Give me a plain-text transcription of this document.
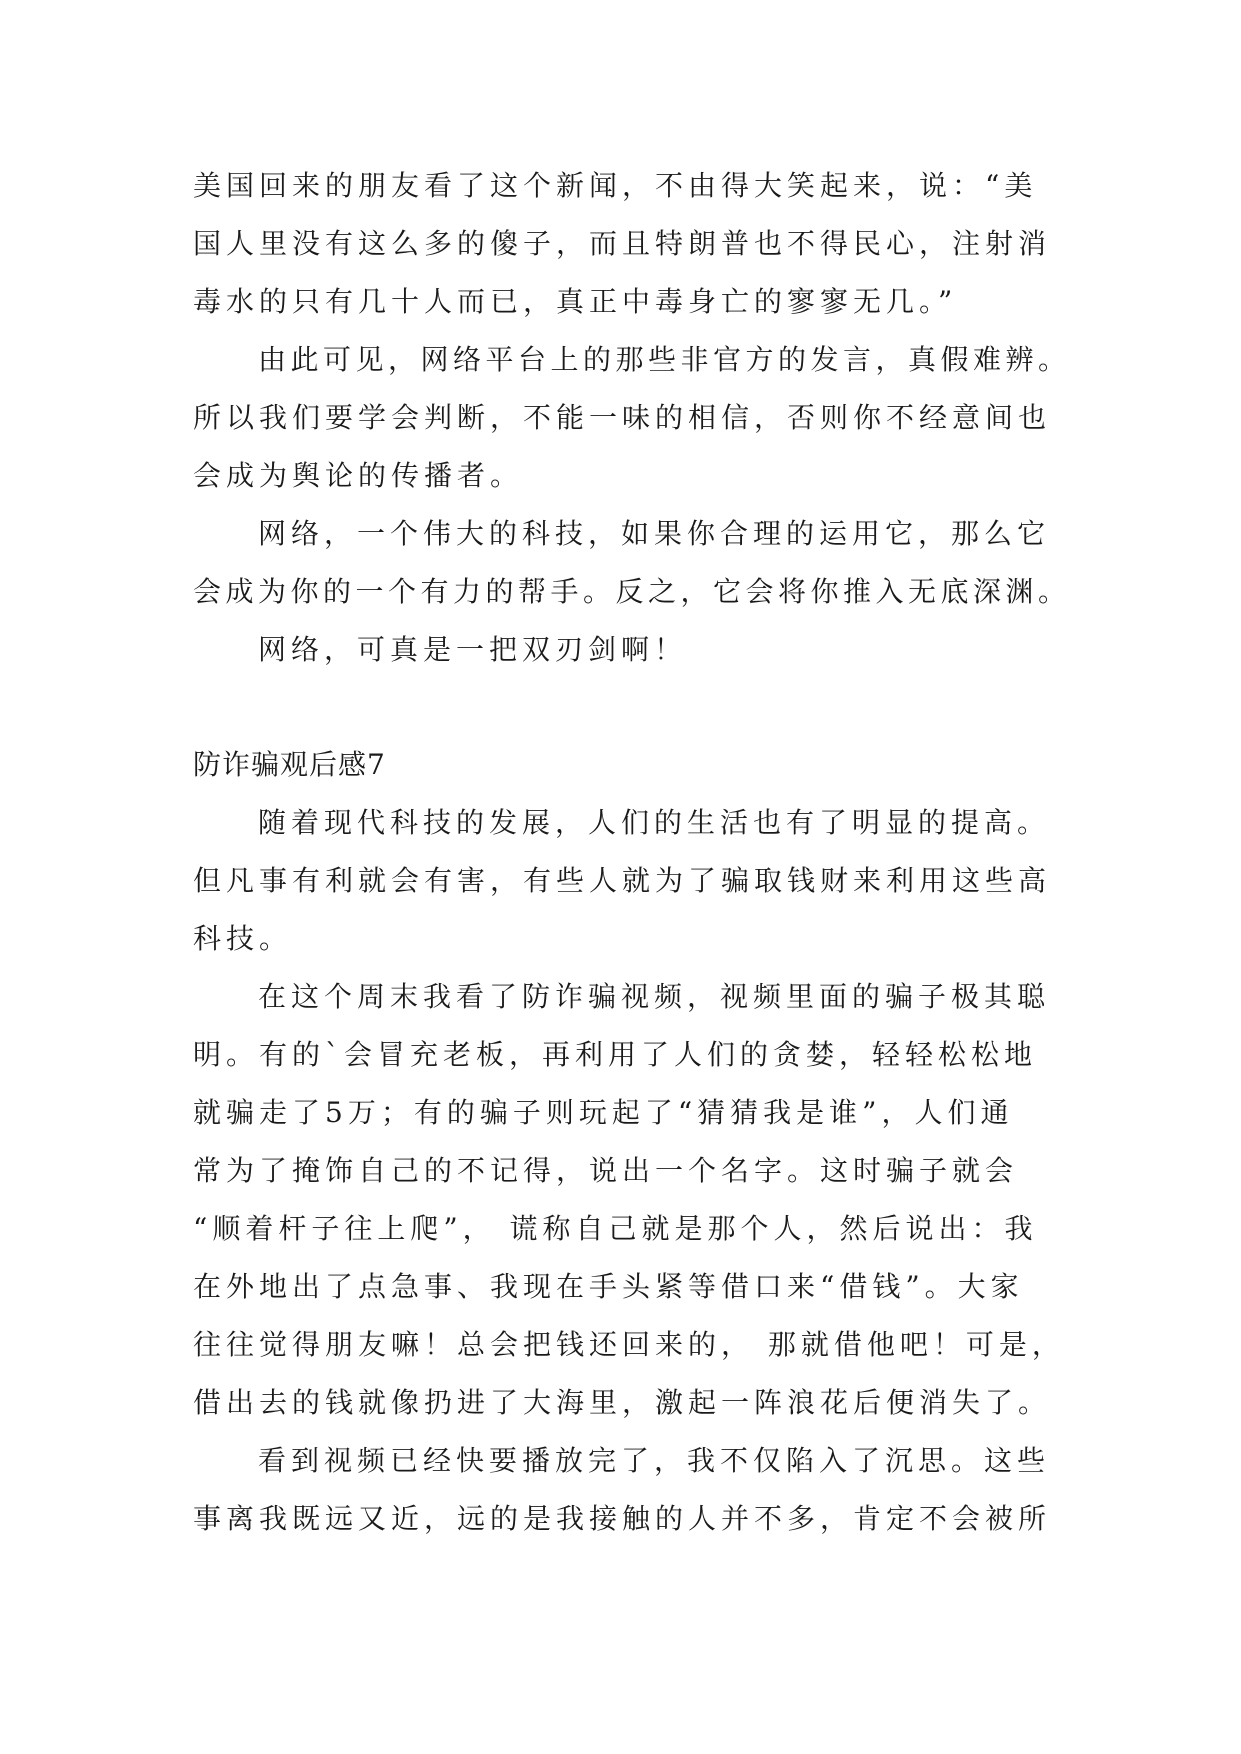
美国回来的朋友看了这个新闻，不由得大笑起来，说：“美
国人里没有这么多的傻子，而且特朗普也不得民心，注射消
毒水的只有几十人而已，真正中毒身亡的寥寥无几。”
由此可见，网络平台上的那些非官方的发言，真假难辨。
所以我们要学会判断，不能一味的相信，否则你不经意间也
会成为舆论的传播者。
网络，一个伟大的科技，如果你合理的运用它，那么它
会成为你的一个有力的帮手。反之，它会将你推入无底深渊。
网络，可真是一把双刃剑啊！
防诈骗观后感7
随着现代科技的发展，人们的生活也有了明显的提高。
但凡事有利就会有害，有些人就为了骗取钱财来利用这些高
科技。
在这个周末我看了防诈骗视频，视频里面的骗子极其聪
明。有的`会冒充老板，再利用了人们的贪婪，轻轻松松地
就骗走了5万；有的骗子则玩起了“猜猜我是谁”，人们通
常为了掩饰自己的不记得，说出一个名字。这时骗子就会
“顺着杆子往上爬”， 谎称自己就是那个人，然后说出：我
在外地出了点急事、我现在手头紧等借口来“借钱”。大家
往往觉得朋友嘛！总会把钱还回来的， 那就借他吧！可是，
借出去的钱就像扔进了大海里，激起一阵浪花后便消失了。
看到视频已经快要播放完了，我不仅陷入了沉思。这些
事离我既远又近，远的是我接触的人并不多，肯定不会被所
